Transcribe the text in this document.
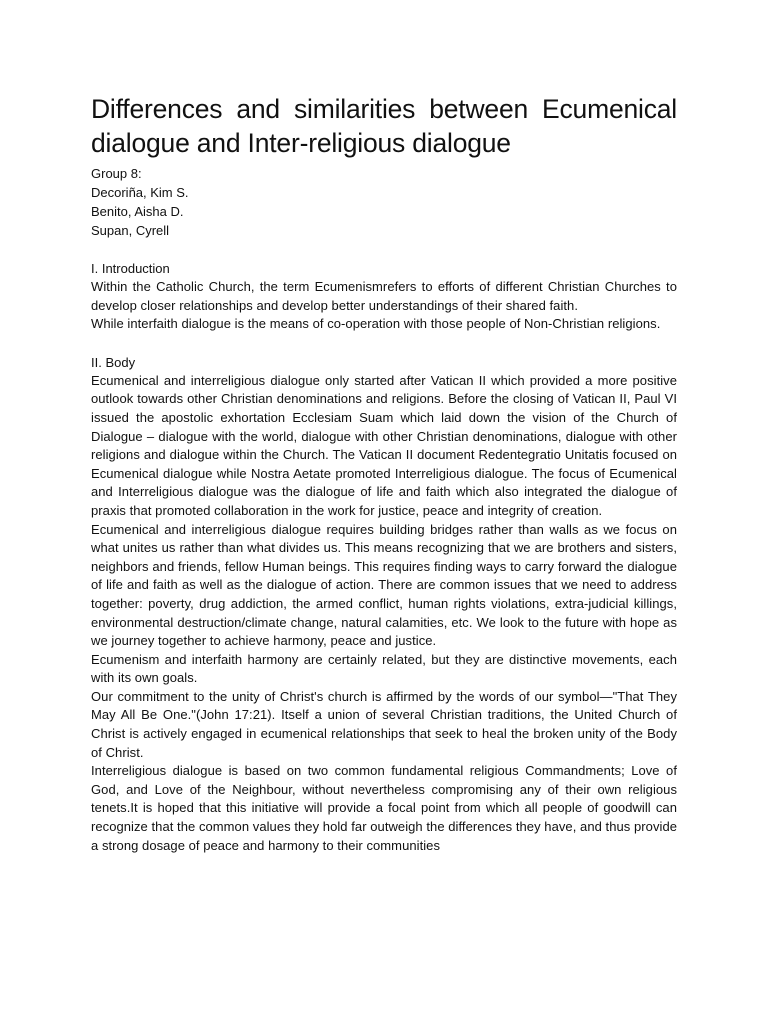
Differences and similarities between Ecumenical dialogue and Inter-religious dialogue

Group 8:

Decoriña, Kim S.

Benito, Aisha D.

Supan, Cyrell

I. Introduction

Within the Catholic Church, the term Ecumenismrefers to efforts of different Christian Churches to develop closer relationships and develop better understandings of their shared faith.

While interfaith dialogue is the means of co-operation with those people of Non-Christian religions.

II. Body

Ecumenical and interreligious dialogue only started after Vatican II which provided a more positive outlook towards other Christian denominations and religions. Before the closing of Vatican II, Paul VI issued the apostolic exhortation Ecclesiam Suam which laid down the vision of the Church of Dialogue – dialogue with the world, dialogue with other Christian denominations, dialogue with other religions and dialogue within the Church. The Vatican II document Redentegratio Unitatis focused on Ecumenical dialogue while Nostra Aetate promoted Interreligious dialogue. The focus of Ecumenical and Interreligious dialogue was the dialogue of life and faith which also integrated the dialogue of praxis that promoted collaboration in the work for justice, peace and integrity of creation.

Ecumenical and interreligious dialogue requires building bridges rather than walls as we focus on what unites us rather than what divides us. This means recognizing that we are brothers and sisters, neighbors and friends, fellow Human beings. This requires finding ways to carry forward the dialogue of life and faith as well as the dialogue of action. There are common issues that we need to address together: poverty, drug addiction, the armed conflict, human rights violations, extra-judicial killings, environmental destruction/climate change, natural calamities, etc. We look to the future with hope as we journey together to achieve harmony, peace and justice.

Ecumenism and interfaith harmony are certainly related, but they are distinctive movements, each with its own goals.

Our commitment to the unity of Christ's church is affirmed by the words of our symbol—"That They May All Be One."(John 17:21). Itself a union of several Christian traditions, the United Church of Christ is actively engaged in ecumenical relationships that seek to heal the broken unity of the Body of Christ.

Interreligious dialogue is based on two common fundamental religious Commandments; Love of God, and Love of the Neighbour, without nevertheless compromising any of their own religious tenets.It is hoped that this initiative will provide a focal point from which all people of goodwill can recognize that the common values they hold far outweigh the differences they have, and thus provide a strong dosage of peace and harmony to their communities
